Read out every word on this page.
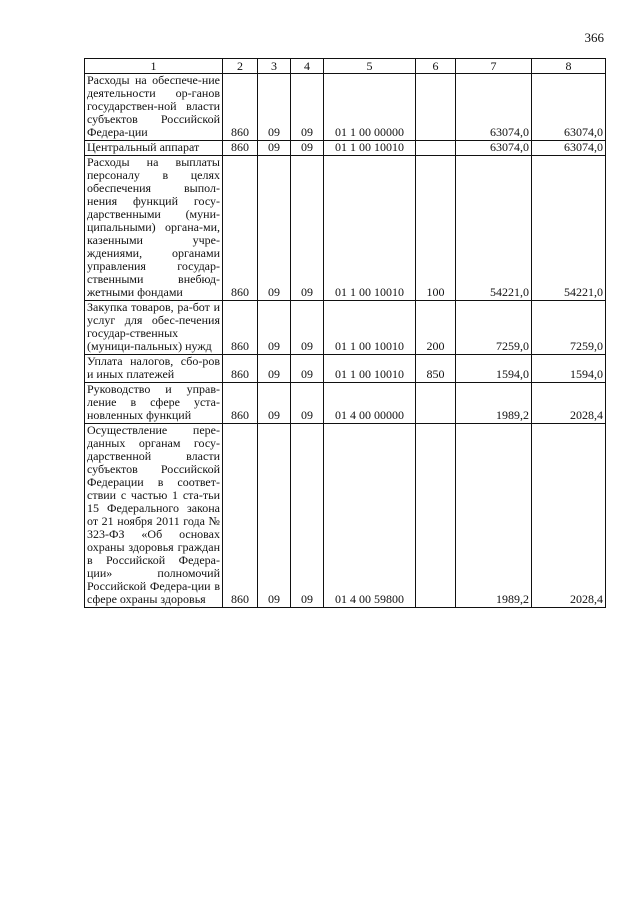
366
1	2	3	4	5	6	7	8
Расходы на обеспече-ние деятельности ор-ганов государствен-ной власти субъектов Российской Федера-ции	860	09	09	01 1 00 00000		63074,0	63074,0
Центральный аппарат	860	09	09	01 1 00 10010		63074,0	63074,0
Расходы на выплаты персоналу в целях обеспечения выпол-нения функций госу-дарственными (муни-ципальными) органа-ми, казенными учре-ждениями, органами управления государ-ственными внебюд-жетными фондами	860	09	09	01 1 00 10010	100	54221,0	54221,0
Закупка товаров, ра-бот и услуг для обес-печения государ-ственных (муници-пальных) нужд	860	09	09	01 1 00 10010	200	7259,0	7259,0
Уплата налогов, сбо-ров и иных платежей	860	09	09	01 1 00 10010	850	1594,0	1594,0
Руководство и управ-ление в сфере уста-новленных функций	860	09	09	01 4 00 00000		1989,2	2028,4
Осуществление пере-данных органам госу-дарственной власти субъектов Российской Федерации в соответ-ствии с частью 1 ста-тьи 15 Федерального закона от 21 ноября 2011 года № 323-ФЗ «Об основах охраны здоровья граждан в Российской Федера-ции» полномочий Российской Федера-ции в сфере охраны здоровья	860	09	09	01 4 00 59800		1989,2	2028,4
